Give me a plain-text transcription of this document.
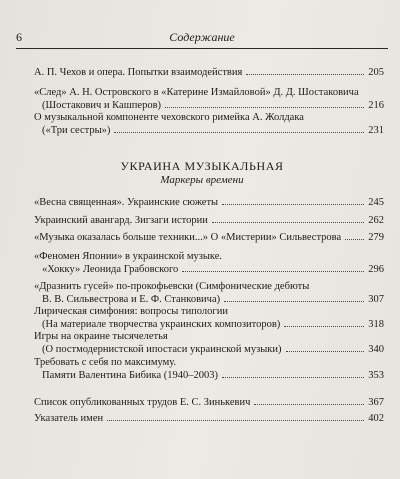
6	Содержание
УКРАИНА МУЗЫКАЛЬНАЯ
Маркеры времени
А. П. Чехов и опера. Попытки взаимодействия	205
«След» А. Н. Островского в «Катерине Измайловой» Д. Д. Шостаковича
(Шостакович и Кашперов)	216
О музыкальной компоненте чеховского римейка А. Жолдака
(«Три сестры»)	231
«Весна священная». Украинские сюжеты	245
Украинский авангард. Зигзаги истории	262
«Музыка оказалась больше техники...» О «Мистерии» Сильвестрова	279
«Феномен Японии» в украинской музыке.
«Хокку» Леонида Грабовского	296
«Дразнить гусей» по-прокофьевски (Симфонические дебюты
В. В. Сильвестрова и Е. Ф. Станковича)	307
Лирическая симфония: вопросы типологии
(На материале творчества украинских композиторов)	318
Игры на окраине тысячелетья
(О постмодернистской ипостаси украинской музыки)	340
Требовать с себя по максимуму.
Памяти Валентина Бибика (1940–2003)	353
Список опубликованных трудов Е. С. Зинькевич	367
Указатель имен	402
